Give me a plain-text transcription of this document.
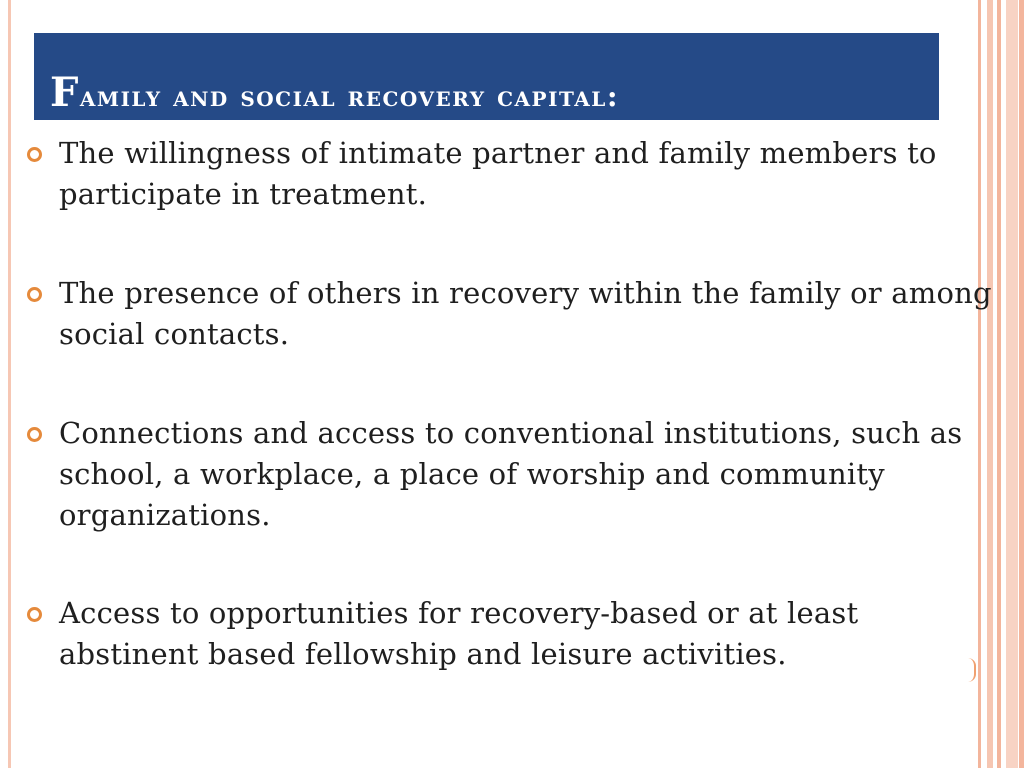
Family and social recovery capital:
The willingness of intimate partner and family members to participate in treatment.
The presence of others in recovery within the family or among social contacts.
Connections and access to conventional institutions, such as school, a workplace, a place of worship and community organizations.
Access to opportunities for recovery-based or at least abstinent based fellowship and leisure activities.
